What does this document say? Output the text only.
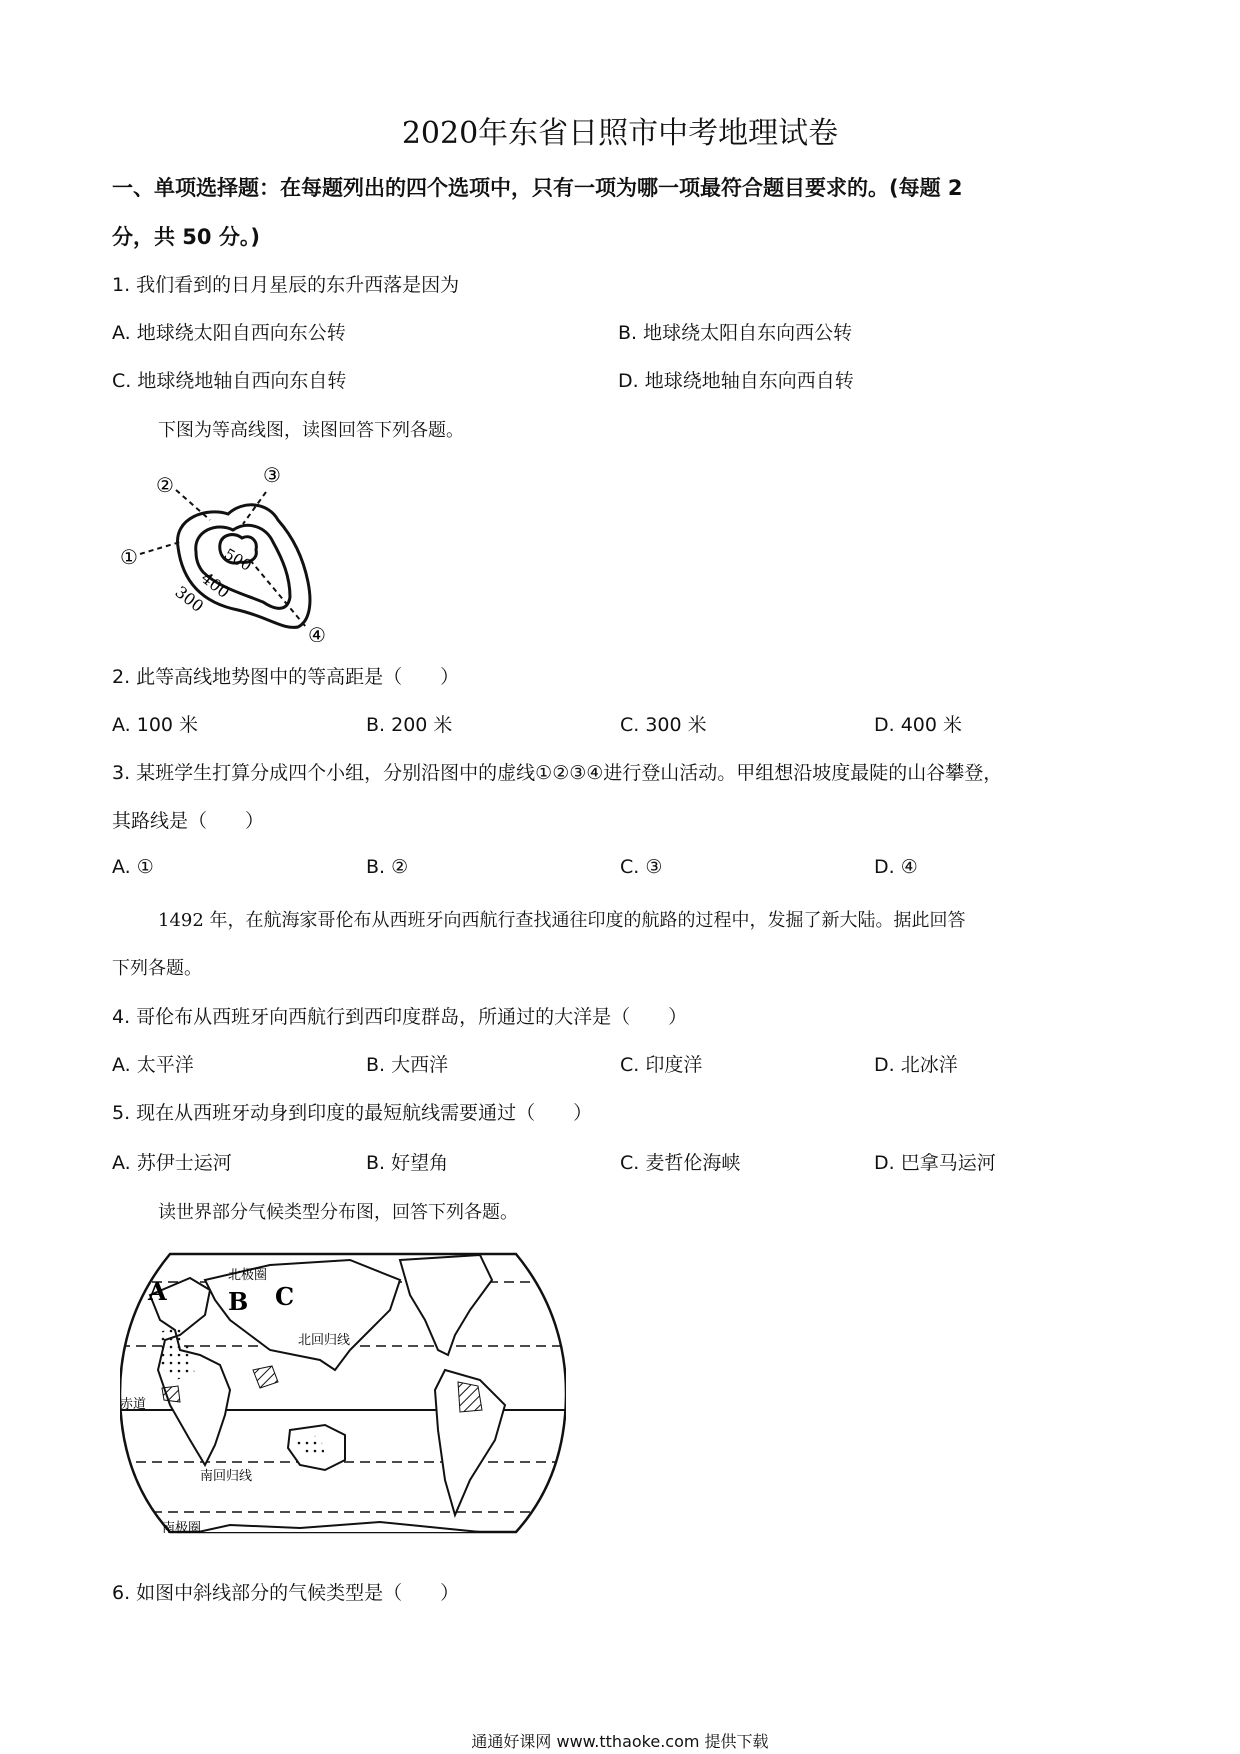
2020年东省日照市中考地理试卷
一、单项选择题：在每题列出的四个选项中，只有一项为哪一项最符合题目要求的。(每题 2
分，共 50 分。)
1. 我们看到的日月星辰的东升西落是因为
A. 地球绕太阳自西向东公转	B. 地球绕太阳自东向西公转
C. 地球绕地轴自西向东自转	D. 地球绕地轴自东向西自转
下图为等高线图，读图回答下列各题。
①
②	③
④
300
400
500
2. 此等高线地势图中的等高距是（　　）
A. 100 米	B. 200 米	C. 300 米	D. 400 米
3. 某班学生打算分成四个小组，分别沿图中的虚线①②③④进行登山活动。甲组想沿坡度最陡的山谷攀登，
其路线是（　　）
A. ①	B. ②	C. ③	D. ④
1492 年，在航海家哥伦布从西班牙向西航行查找通往印度的航路的过程中，发掘了新大陆。据此回答
下列各题。
4. 哥伦布从西班牙向西航行到西印度群岛，所通过的大洋是（　　）
A. 太平洋	B. 大西洋	C. 印度洋	D. 北冰洋
5. 现在从西班牙动身到印度的最短航线需要通过（　　）
A. 苏伊士运河	B. 好望角	C. 麦哲伦海峡	D. 巴拿马运河
读世界部分气候类型分布图，回答下列各题。
A	B C
北极圈
北回归线
赤道
南回归线
南极圈
6. 如图中斜线部分的气候类型是（　　）
通通好课网 www.tthaoke.com 提供下载
